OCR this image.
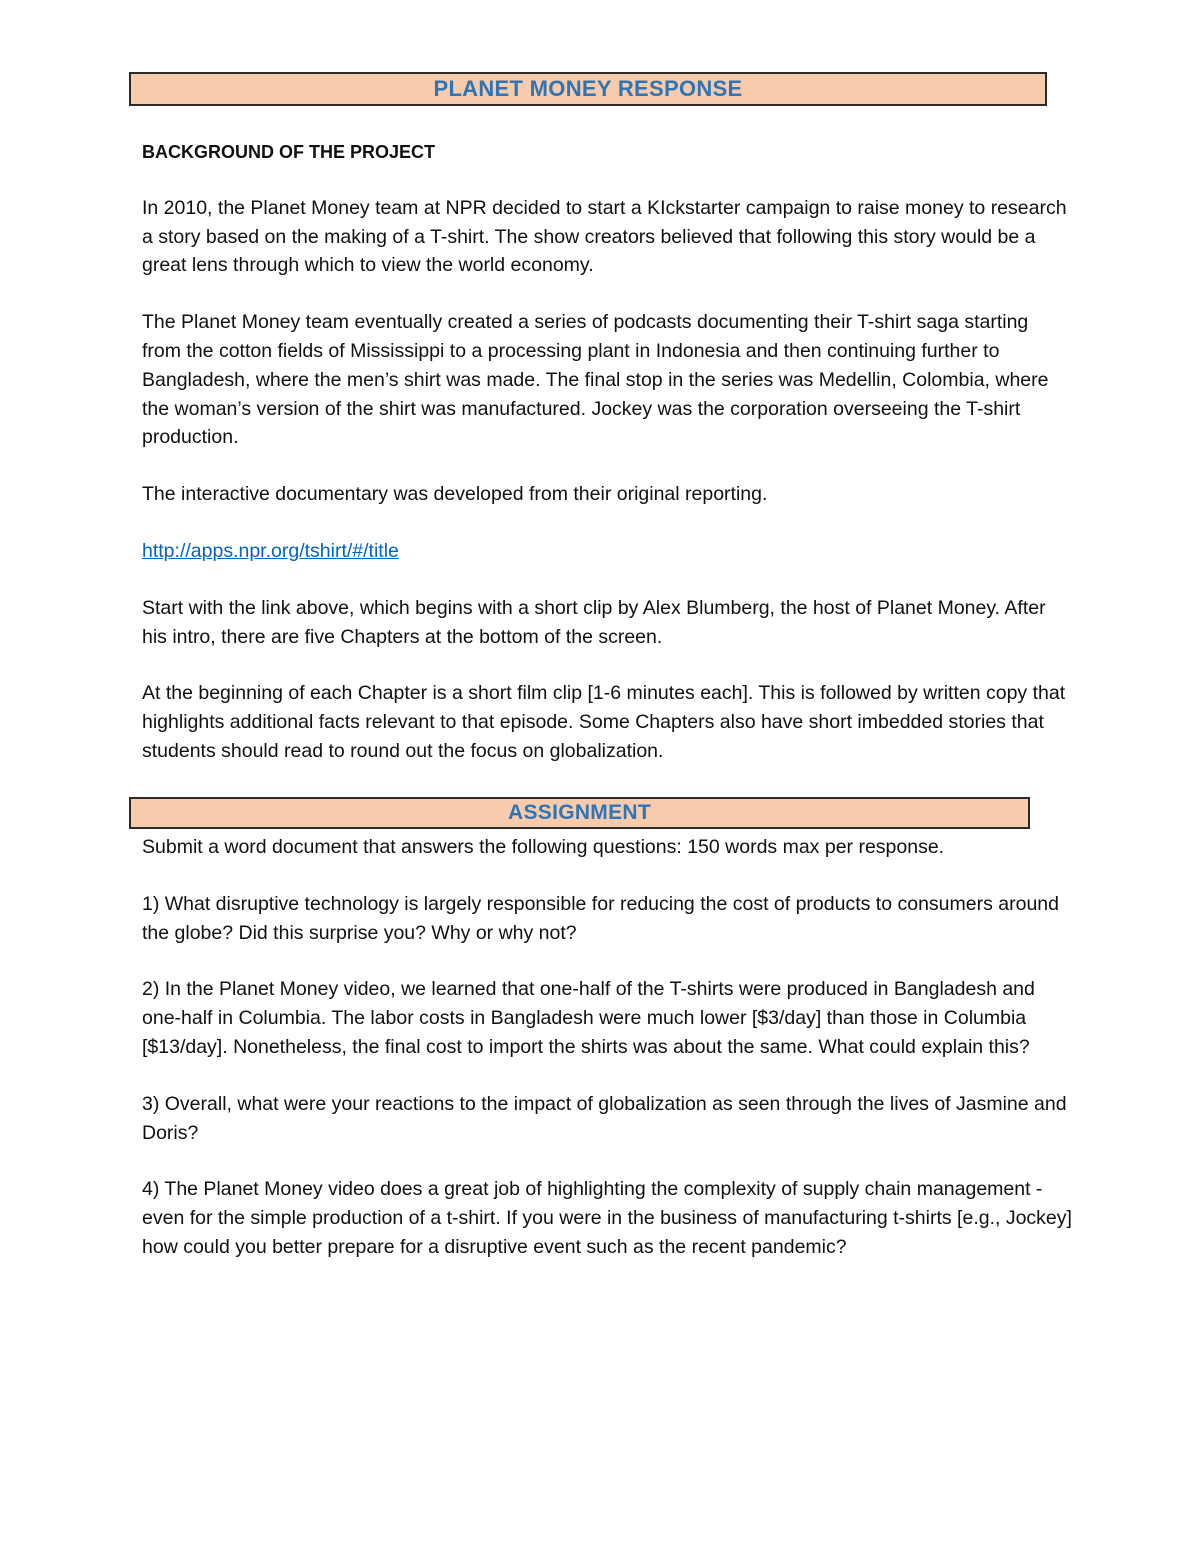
PLANET MONEY RESPONSE

BACKGROUND OF THE PROJECT

In 2010, the Planet Money team at NPR decided to start a KIckstarter campaign to raise money to research a story based on the making of a T-shirt. The show creators believed that following this story would be a great lens through which to view the world economy.

The Planet Money team eventually created a series of podcasts documenting their T-shirt saga starting from the cotton fields of Mississippi to a processing plant in Indonesia and then continuing further to Bangladesh, where the men’s shirt was made. The final stop in the series was Medellin, Colombia, where the woman’s version of the shirt was manufactured. Jockey was the corporation overseeing the T-shirt production.

The interactive documentary was developed from their original reporting.

http://apps.npr.org/tshirt/#/title

Start with the link above, which begins with a short clip by Alex Blumberg, the host of Planet Money. After his intro, there are five Chapters at the bottom of the screen.

At the beginning of each Chapter is a short film clip [1-6 minutes each]. This is followed by written copy that highlights additional facts relevant to that episode. Some Chapters also have short imbedded stories that students should read to round out the focus on globalization.

ASSIGNMENT

Submit a word document that answers the following questions: 150 words max per response.

1) What disruptive technology is largely responsible for reducing the cost of products to consumers around the globe? Did this surprise you? Why or why not?

2) In the Planet Money video, we learned that one-half of the T-shirts were produced in Bangladesh and one-half in Columbia. The labor costs in Bangladesh were much lower [$3/day] than those in Columbia [$13/day]. Nonetheless, the final cost to import the shirts was about the same. What could explain this?

3) Overall, what were your reactions to the impact of globalization as seen through the lives of Jasmine and Doris?

4) The Planet Money video does a great job of highlighting the complexity of supply chain management - even for the simple production of a t-shirt. If you were in the business of manufacturing t-shirts [e.g., Jockey] how could you better prepare for a disruptive event such as the recent pandemic?
